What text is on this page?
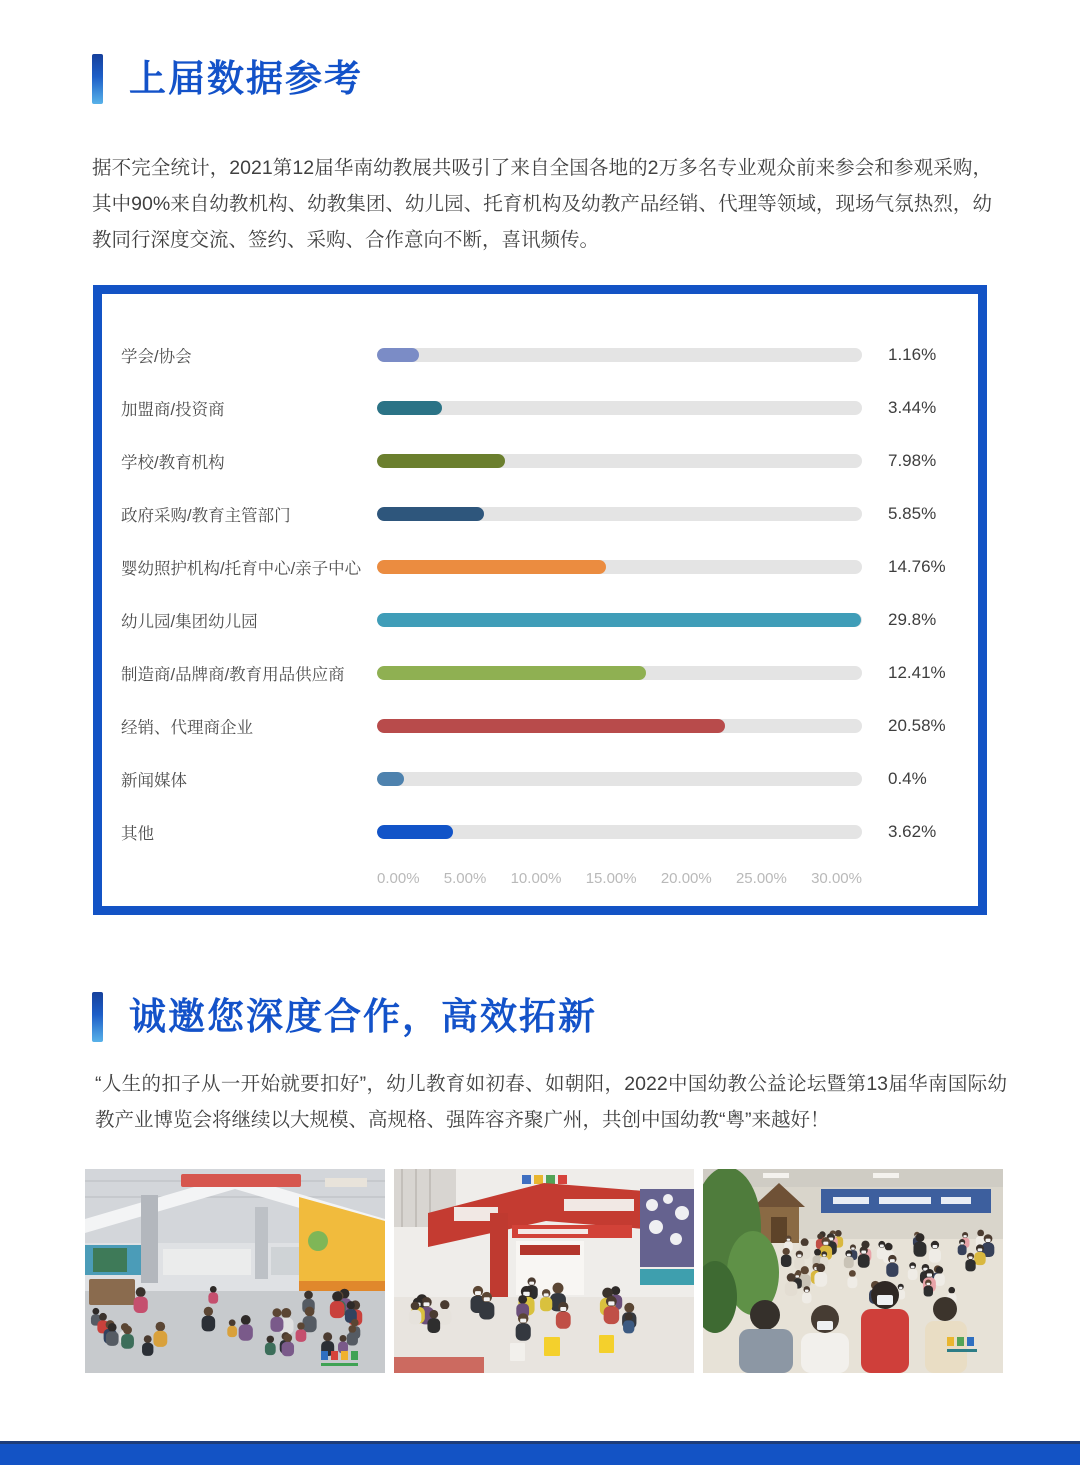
上届数据参考

据不完全统计，2021第12届华南幼教展共吸引了来自全国各地的2万多名专业观众前来参会和参观采购，其中90%来自幼教机构、幼教集团、幼儿园、托育机构及幼教产品经销、代理等领域，现场气氛热烈，幼教同行深度交流、签约、采购、合作意向不断，喜讯频传。

学会/协会	1.16%
加盟商/投资商	3.44%
学校/教育机构	7.98%
政府采购/教育主管部门	5.85%
婴幼照护机构/托育中心/亲子中心	14.76%
幼儿园/集团幼儿园	29.8%
制造商/品牌商/教育用品供应商	12.41%
经销、代理商企业	20.58%
新闻媒体	0.4%
其他	3.62%
0.00% 5.00% 10.00% 15.00% 20.00% 25.00% 30.00%
诚邀您深度合作，高效拓新

“人生的扣子从一开始就要扣好”，幼儿教育如初春、如朝阳，2022中国幼教公益论坛暨第13届华南国际幼教产业博览会将继续以大规模、高规格、强阵容齐聚广州，共创中国幼教“粤”来越好！
